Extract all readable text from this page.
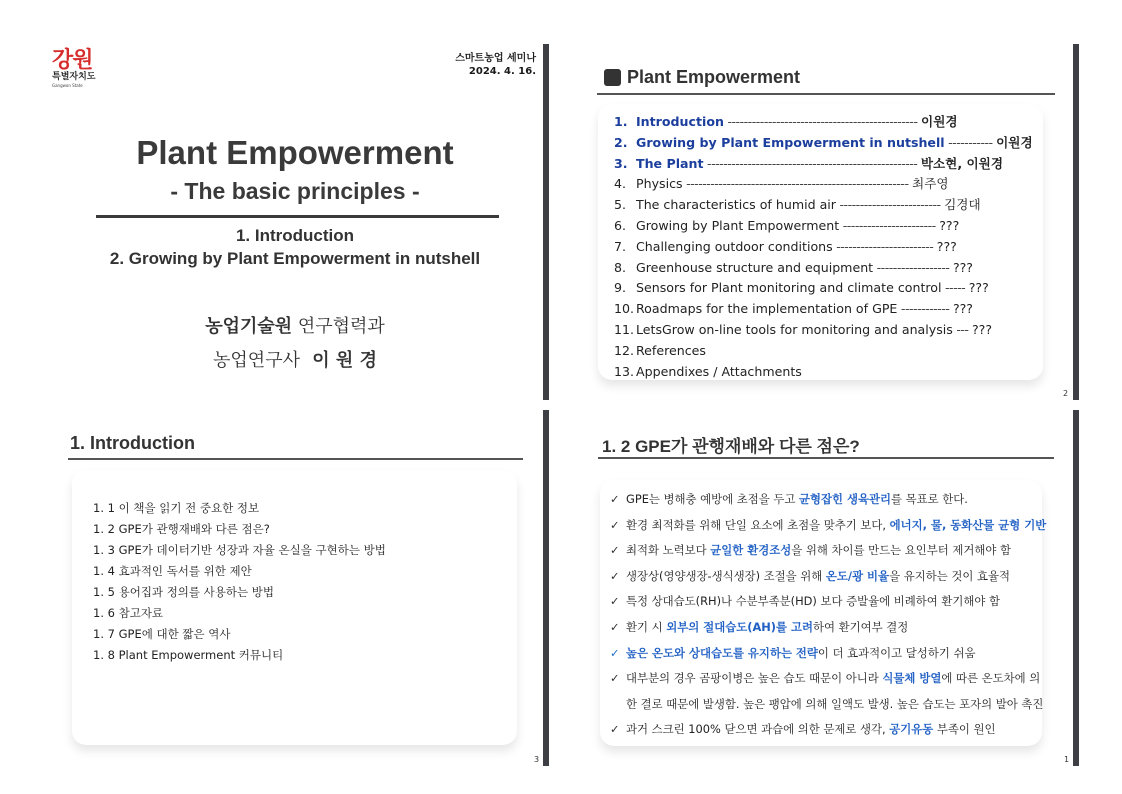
강원
특별자치도
Gangwon State
스마트농업 세미나
2024. 4. 16.
Plant Empowerment
- The basic principles -
1. Introduction
2. Growing by Plant Empowerment in nutshell
농업기술원 연구협력과
농업연구사 이 원 경
Plant Empowerment
1. Introduction ----------------------------------------------- 이원경
2. Growing by Plant Empowerment in nutshell ----------- 이원경
3. The Plant ---------------------------------------------------- 박소현, 이원경
4. Physics ------------------------------------------------------- 최주영
5. The characteristics of humid air ------------------------- 김경대
6. Growing by Plant Empowerment ----------------------- ???
7. Challenging outdoor conditions ------------------------ ???
8. Greenhouse structure and equipment ------------------ ???
9. Sensors for Plant monitoring and climate control ----- ???
10. Roadmaps for the implementation of GPE ------------ ???
11. LetsGrow on-line tools for monitoring and analysis --- ???
12. References
13. Appendixes / Attachments
2
1. Introduction
1. 1 이 책을 읽기 전 중요한 정보
1. 2 GPE가 관행재배와 다른 점은?
1. 3 GPE가 데이터기반 성장과 자율 온실을 구현하는 방법
1. 4 효과적인 독서를 위한 제안
1. 5 용어집과 정의를 사용하는 방법
1. 6 참고자료
1. 7 GPE에 대한 짧은 역사
1. 8 Plant Empowerment 커뮤니티
3
1. 2 GPE가 관행재배와 다른 점은?
✓ GPE는 병해충 예방에 초점을 두고 균형잡힌 생육관리를 목표로 한다.
✓ 환경 최적화를 위해 단일 요소에 초점을 맞추기 보다, 에너지, 물, 동화산물 균형 기반
✓ 최적화 노력보다 균일한 환경조성을 위해 차이를 만드는 요인부터 제거해야 함
✓ 생장상(영양생장-생식생장) 조절을 위해 온도/광 비율을 유지하는 것이 효율적
✓ 특정 상대습도(RH)나 수분부족분(HD) 보다 증발율에 비례하여 환기해야 함
✓ 환기 시 외부의 절대습도(AH)를 고려하여 환기여부 결정
✓ 높은 온도와 상대습도를 유지하는 전략이 더 효과적이고 달성하기 쉬움
✓ 대부분의 경우 곰팡이병은 높은 습도 때문이 아니라 식물체 방열에 따른 온도차에 의
한 결로 때문에 발생함. 높은 팽압에 의해 일액도 발생. 높은 습도는 포자의 발아 촉진
✓ 과거 스크린 100% 닫으면 과습에 의한 문제로 생각, 공기유동 부족이 원인
1
